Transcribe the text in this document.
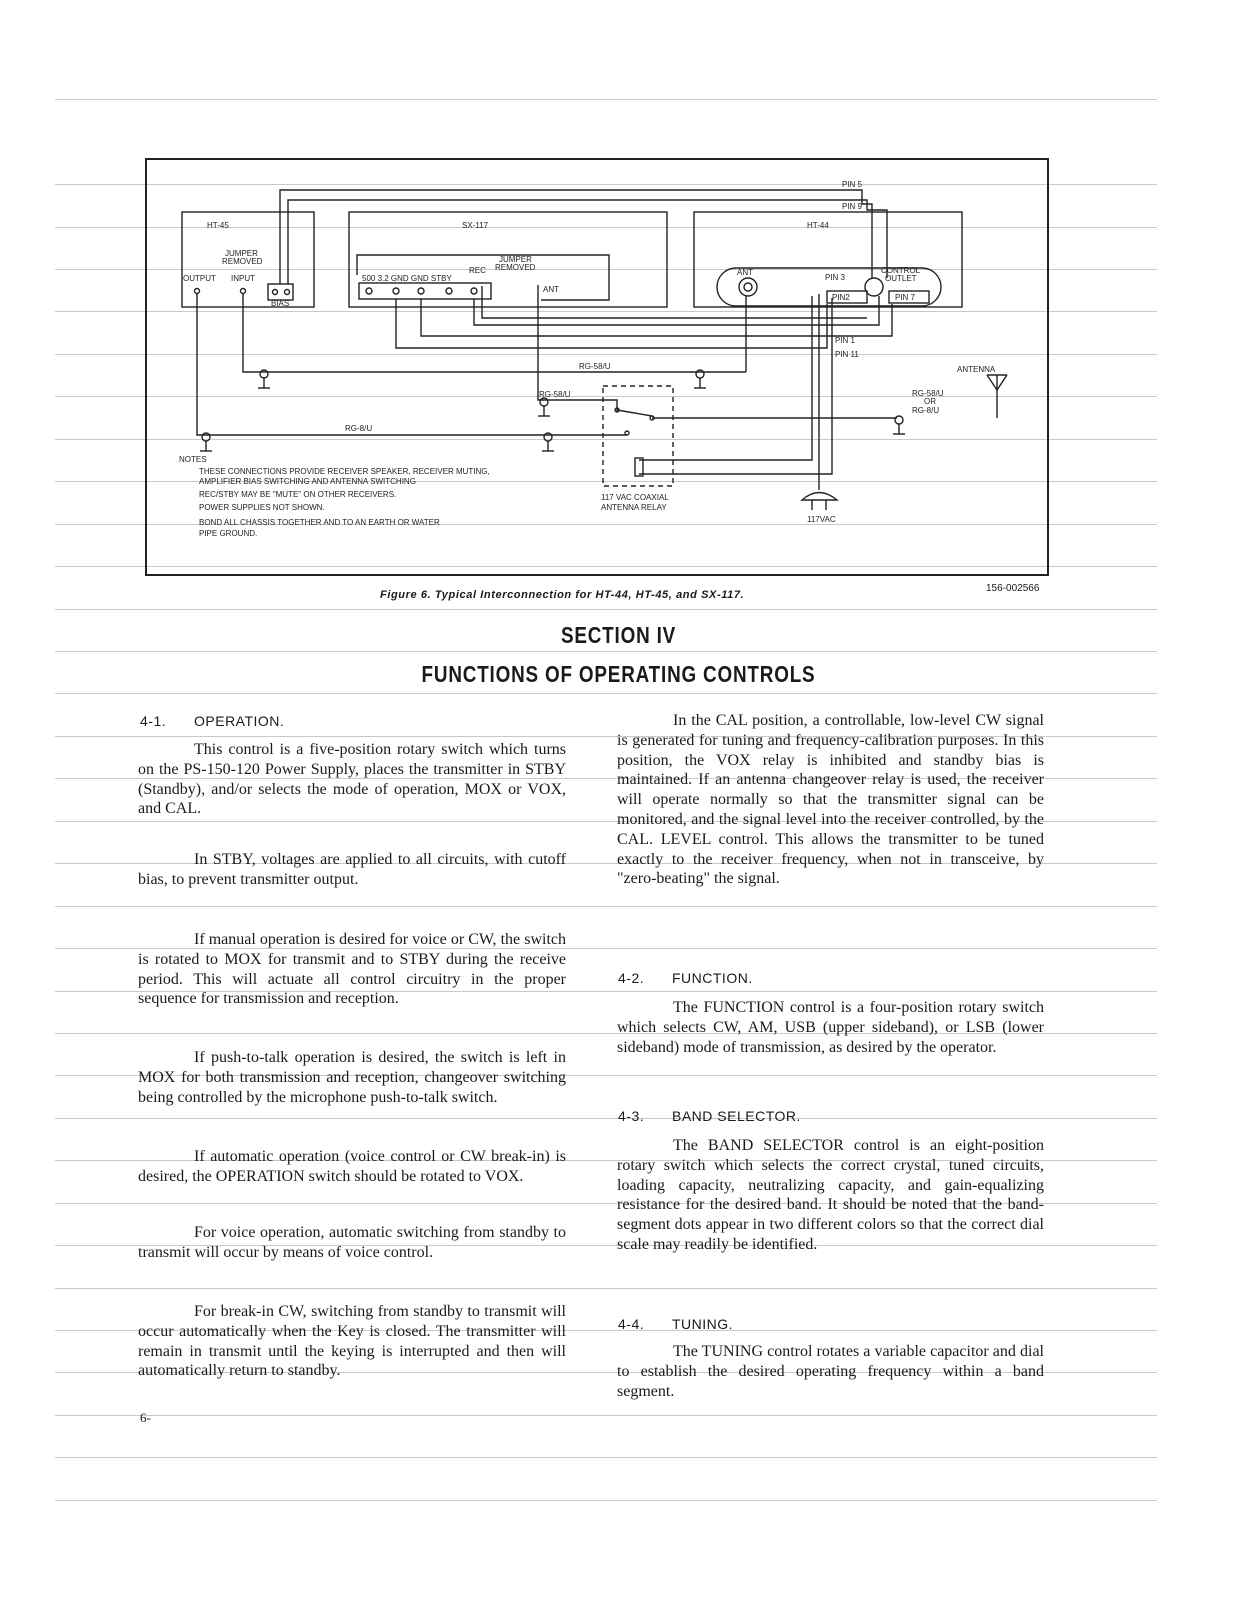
HT-45	SX-117	HT-44
JUMPER
REMOVED
OUTPUT INPUT
BIAS
500 3.2 GND GND STBY
REC
JUMPER
REMOVED
ANT
ANT
PIN 3
CONTROL
OUTLET
PIN2	PIN 7
PIN 1
PIN 11
PIN 5
PIN 9
RG-58/U
RG-58/U
RG-8/U
ANTENNA
RG-58/U
OR
RG-8/U
117 VAC COAXIAL
ANTENNA RELAY
117VAC
NOTES
THESE CONNECTIONS PROVIDE RECEIVER SPEAKER, RECEIVER MUTING,
AMPLIFIER BIAS SWITCHING AND ANTENNA SWITCHING
REC/STBY MAY BE "MUTE" ON OTHER RECEIVERS.
POWER SUPPLIES NOT SHOWN.
BOND ALL CHASSIS TOGETHER AND TO AN EARTH OR WATER
PIPE GROUND.
Figure 6. Typical Interconnection for HT-44, HT-45, and SX-117.
156-002566
SECTION IV
FUNCTIONS OF OPERATING CONTROLS
4-1. OPERATION.

This control is a five-position rotary switch which turns on the PS-150-120 Power Supply, places the transmitter in STBY (Standby), and/or selects the mode of operation, MOX or VOX, and CAL.

In STBY, voltages are applied to all circuits, with cutoff bias, to prevent transmitter output.

If manual operation is desired for voice or CW, the switch is rotated to MOX for transmit and to STBY during the receive period. This will actuate all control circuitry in the proper sequence for transmission and reception.

If push-to-talk operation is desired, the switch is left in MOX for both transmission and reception, changeover switching being controlled by the microphone push-to-talk switch.

If automatic operation (voice control or CW break-in) is desired, the OPERATION switch should be rotated to VOX.

For voice operation, automatic switching from standby to transmit will occur by means of voice control.

For break-in CW, switching from standby to transmit will occur automatically when the Key is closed. The transmitter will remain in transmit until the keying is interrupted and then will automatically return to standby.

In the CAL position, a controllable, low-level CW signal is generated for tuning and frequency-calibration purposes. In this position, the VOX relay is inhibited and standby bias is maintained. If an antenna changeover relay is used, the receiver will operate normally so that the transmitter signal can be monitored, and the signal level into the receiver controlled, by the CAL. LEVEL control. This allows the transmitter to be tuned exactly to the receiver frequency, when not in transceive, by "zero-beating" the signal.

4-2. FUNCTION.

The FUNCTION control is a four-position rotary switch which selects CW, AM, USB (upper sideband), or LSB (lower sideband) mode of transmission, as desired by the operator.

4-3. BAND SELECTOR.

The BAND SELECTOR control is an eight-position rotary switch which selects the correct crystal, tuned circuits, loading capacity, neutralizing capacity, and gain-equalizing resistance for the desired band. It should be noted that the band-segment dots appear in two different colors so that the correct dial scale may readily be identified.

4-4. TUNING.

The TUNING control rotates a variable capacitor and dial to establish the desired operating frequency within a band segment.

6-
